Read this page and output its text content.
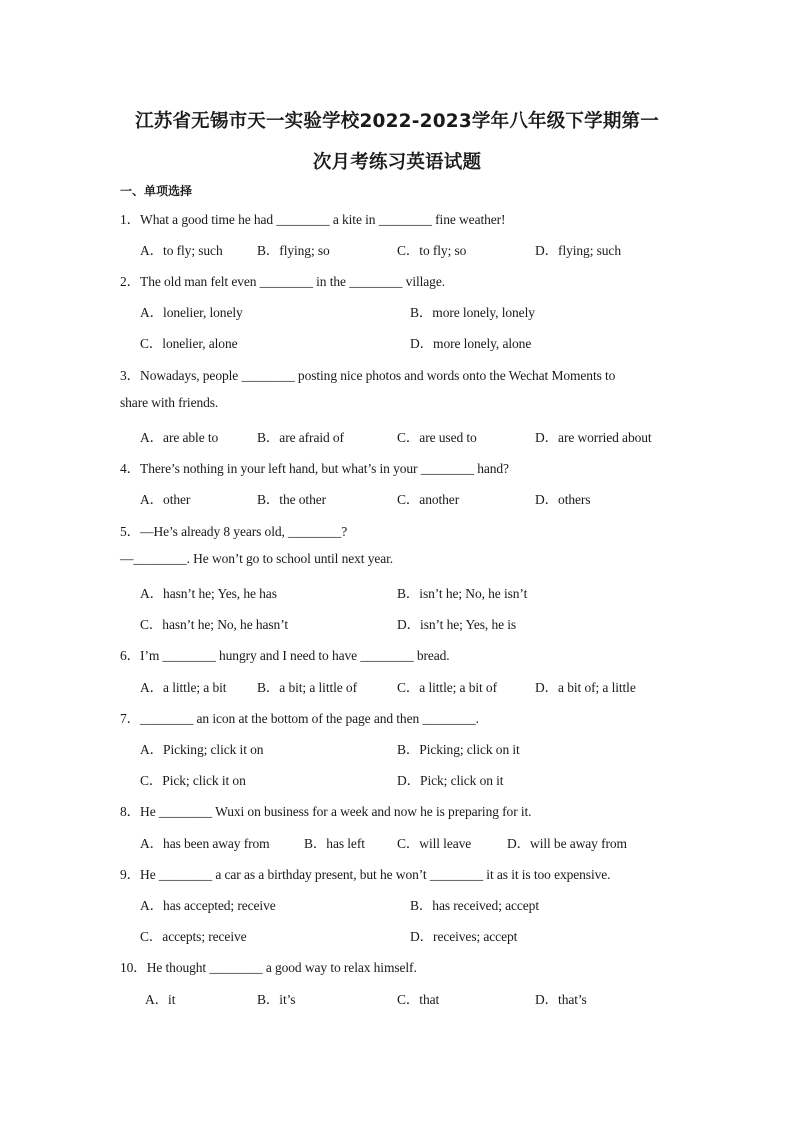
江苏省无锡市天一实验学校2022-2023学年八年级下学期第一
次月考练习英语试题
一、单项选择
1．What a good time he had ________ a kite in ________ fine weather!
A．to fly; such	B．flying; so	C．to fly; so	D．flying; such
2．The old man felt even ________ in the ________ village.
A．lonelier, lonely	B．more lonely, lonely
C．lonelier, alone	D．more lonely, alone
3．Nowadays, people ________ posting nice photos and words onto the Wechat Moments to
share with friends.
A．are able to	B．are afraid of	C．are used to	D．are worried about
4．There’s nothing in your left hand, but what’s in your ________ hand?
A．other	B．the other	C．another	D．others
5．—He’s already 8 years old, ________?
—________. He won’t go to school until next year.
A．hasn’t he; Yes, he has	B．isn’t he; No, he isn’t
C．hasn’t he; No, he hasn’t	D．isn’t he; Yes, he is
6．I’m ________ hungry and I need to have ________ bread.
A．a little; a bit B．a bit; a little of	C．a little; a bit of	D．a bit of; a little
7．________ an icon at the bottom of the page and then ________.
A．Picking; click it on	B．Picking; click on it
C．Pick; click it on	D．Pick; click on it
8．He ________ Wuxi on business for a week and now he is preparing for it.
A．has been away from	B．has left C．will leave	D．will be away from
9．He ________ a car as a birthday present, but he won’t ________ it as it is too expensive.
A．has accepted; receive	B．has received; accept
C．accepts; receive	D．receives; accept
10．He thought ________ a good way to relax himself.
A．it	B．it’s	C．that	D．that’s
